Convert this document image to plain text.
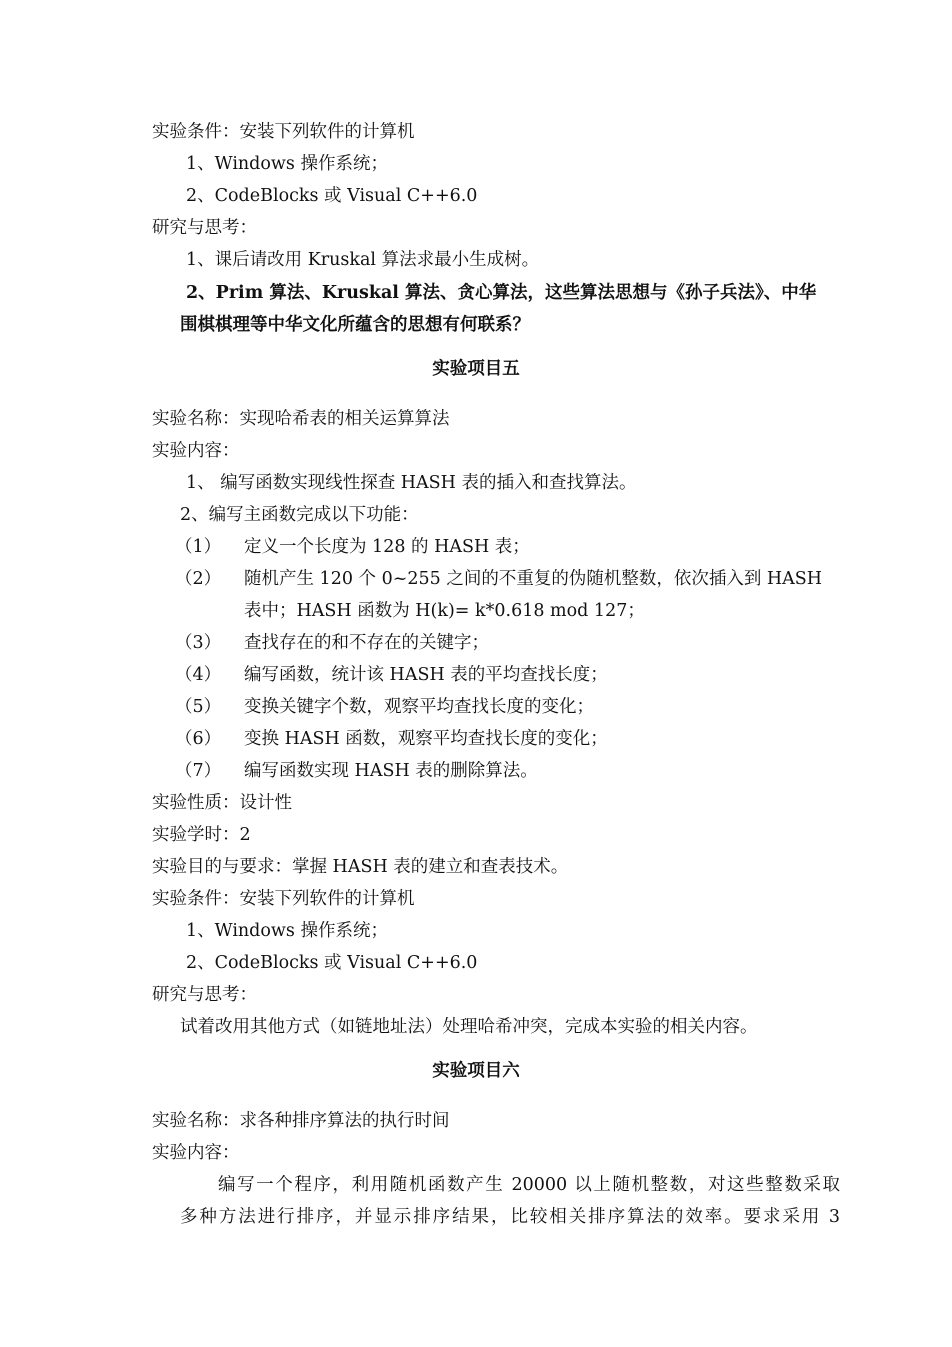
实验条件：安装下列软件的计算机
1、Windows 操作系统；
2、CodeBlocks 或 Visual C++6.0
研究与思考：
1、课后请改用 Kruskal 算法求最小生成树。
2、Prim 算法、Kruskal 算法、贪心算法，这些算法思想与《孙子兵法》、中华
围棋棋理等中华文化所蕴含的思想有何联系？
实验项目五
实验名称：实现哈希表的相关运算算法
实验内容：
1、 编写函数实现线性探查 HASH 表的插入和查找算法。
2、编写主函数完成以下功能：
（1） 定义一个长度为 128 的 HASH 表；
（2） 随机产生 120 个 0~255 之间的不重复的伪随机整数，依次插入到 HASH
表中；HASH 函数为 H(k)= k*0.618 mod 127；
（3） 查找存在的和不存在的关键字；
（4） 编写函数，统计该 HASH 表的平均查找长度；
（5） 变换关键字个数，观察平均查找长度的变化；
（6） 变换 HASH 函数，观察平均查找长度的变化；
（7） 编写函数实现 HASH 表的删除算法。
实验性质：设计性
实验学时：2
实验目的与要求：掌握 HASH 表的建立和查表技术。
实验条件：安装下列软件的计算机
1、Windows 操作系统；
2、CodeBlocks 或 Visual C++6.0
研究与思考：
试着改用其他方式（如链地址法）处理哈希冲突，完成本实验的相关内容。
实验项目六
实验名称：求各种排序算法的执行时间
实验内容：
编写一个程序，利用随机函数产生 20000 以上随机整数，对这些整数采取
多种方法进行排序，并显示排序结果，比较相关排序算法的效率。要求采用 3
